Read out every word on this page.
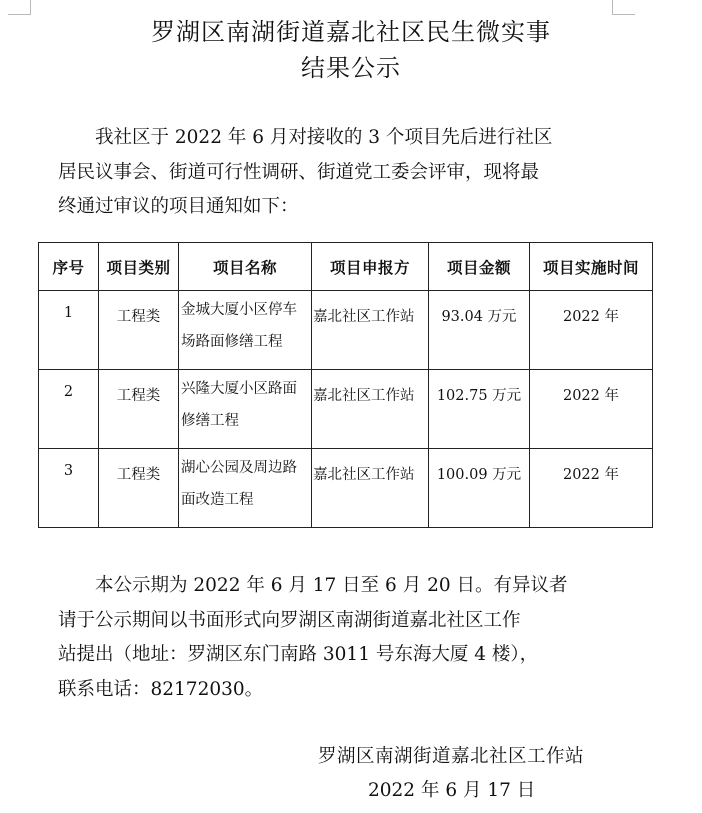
罗湖区南湖街道嘉北社区民生微实事
结果公示

我社区于 2022 年 6 月对接收的 3 个项目先后进行社区

居民议事会、街道可行性调研、街道党工委会评审，现将最
终通过审议的项目通知如下：
序号	项目类别	项目名称	项目申报方	项目金额	项目实施时间

1	工程类	金城大厦小区停车场路面修缮工程	嘉北社区工作站	93.04 万元	2022 年

2	工程类	兴隆大厦小区路面修缮工程	嘉北社区工作站	102.75 万元	2022 年

3	工程类	湖心公园及周边路面改造工程	嘉北社区工作站	100.09 万元	2022 年

本公示期为 2022 年 6 月 17 日至 6 月 20 日。有异议者

请于公示期间以书面形式向罗湖区南湖街道嘉北社区工作
站提出（地址：罗湖区东门南路 3011 号东海大厦 4 楼），
联系电话：82172030。
罗湖区南湖街道嘉北社区工作站
2022 年 6 月 17 日
